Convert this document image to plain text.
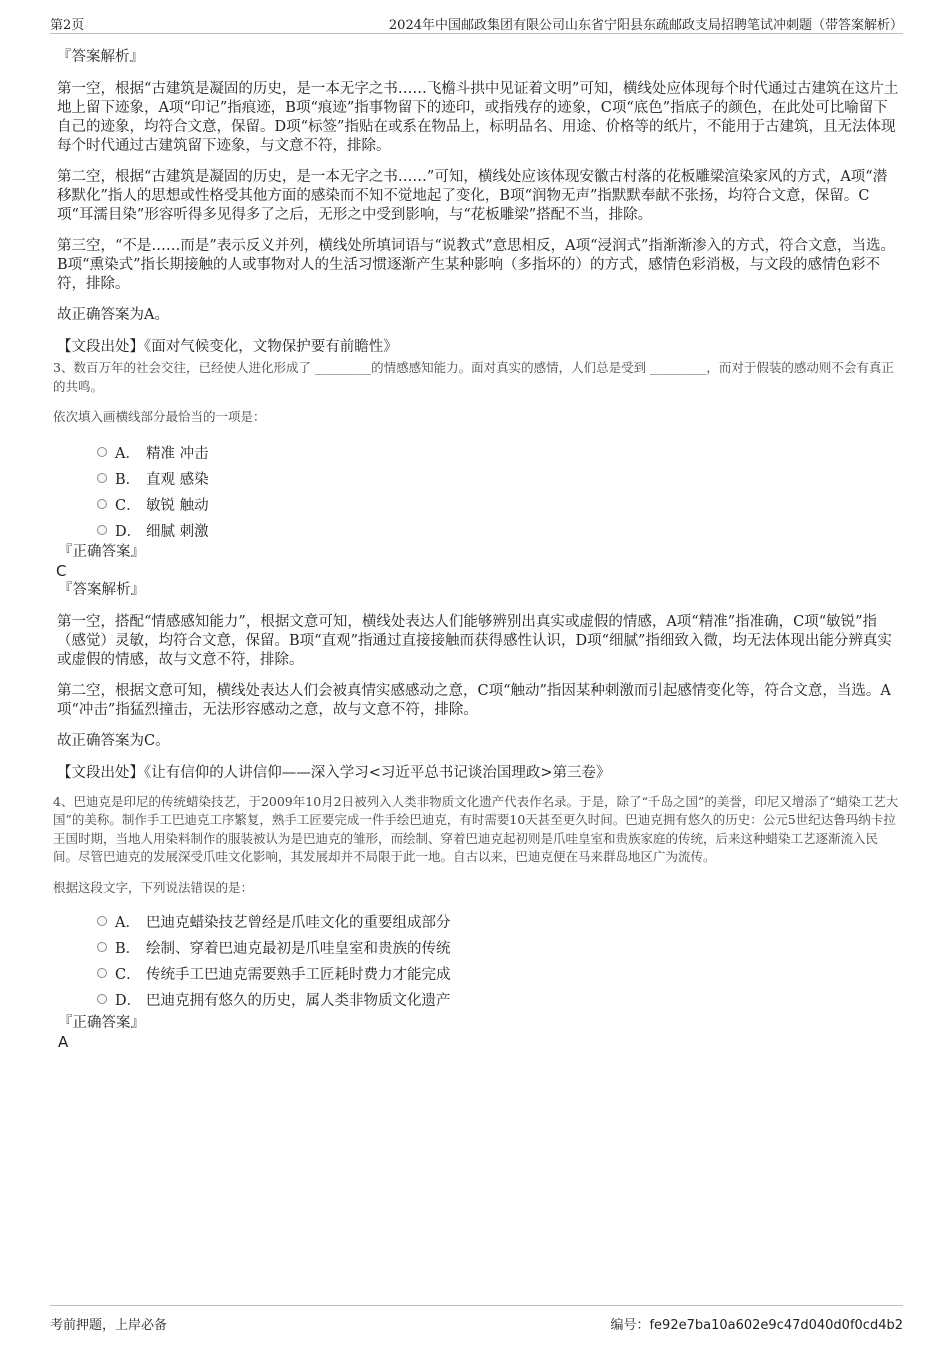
第2页	2024年中国邮政集团有限公司山东省宁阳县东疏邮政支局招聘笔试冲刺题（带答案解析）
『答案解析』

第一空，根据“古建筑是凝固的历史，是一本无字之书……飞檐斗拱中见证着文明”可知，横线处应体现每个时代通过古建筑在这片土地上留下迹象，A项“印记”指痕迹，B项“痕迹”指事物留下的迹印，或指残存的迹象，C项“底色”指底子的颜色，在此处可比喻留下自己的迹象，均符合文意，保留。D项“标签”指贴在或系在物品上，标明品名、用途、价格等的纸片，不能用于古建筑，且无法体现每个时代通过古建筑留下迹象，与文意不符，排除。

第二空，根据“古建筑是凝固的历史，是一本无字之书……”可知，横线处应该体现安徽古村落的花板雕梁渲染家风的方式，A项“潜移默化”指人的思想或性格受其他方面的感染而不知不觉地起了变化，B项“润物无声”指默默奉献不张扬，均符合文意，保留。C项“耳濡目染”形容听得多见得多了之后，无形之中受到影响，与“花板雕梁”搭配不当，排除。

第三空，“不是……而是”表示反义并列，横线处所填词语与“说教式”意思相反，A项“浸润式”指渐渐渗入的方式，符合文意，当选。B项“熏染式”指长期接触的人或事物对人的生活习惯逐渐产生某种影响（多指坏的）的方式，感情色彩消极，与文段的感情色彩不符，排除。

故正确答案为A。

【文段出处】《面对气候变化，文物保护要有前瞻性》
3、数百万年的社会交往，已经使人进化形成了 _________的情感感知能力。面对真实的感情，人们总是受到 _________，而对于假装的感动则不会有真正的共鸣。
依次填入画横线部分最恰当的一项是：
A． 精准 冲击
B． 直观 感染
C． 敏锐 触动
D． 细腻 刺激
『正确答案』
C
『答案解析』

第一空，搭配“情感感知能力”，根据文意可知，横线处表达人们能够辨别出真实或虚假的情感，A项“精准”指准确，C项“敏锐”指（感觉）灵敏，均符合文意，保留。B项“直观”指通过直接接触而获得感性认识，D项“细腻”指细致入微，均无法体现出能分辨真实或虚假的情感，故与文意不符，排除。

第二空，根据文意可知，横线处表达人们会被真情实感感动之意，C项“触动”指因某种刺激而引起感情变化等，符合文意，当选。A项“冲击”指猛烈撞击，无法形容感动之意，故与文意不符，排除。

故正确答案为C。

【文段出处】《让有信仰的人讲信仰——深入学习<习近平总书记谈治国理政>第三卷》
4、巴迪克是印尼的传统蜡染技艺，于2009年10月2日被列入人类非物质文化遗产代表作名录。于是，除了“千岛之国”的美誉，印尼又增添了“蜡染工艺大国”的美称。制作手工巴迪克工序繁复，熟手工匠要完成一件手绘巴迪克，有时需要10天甚至更久时间。巴迪克拥有悠久的历史：公元5世纪达鲁玛纳卡拉王国时期，当地人用染料制作的服装被认为是巴迪克的雏形，而绘制、穿着巴迪克起初则是爪哇皇室和贵族家庭的传统，后来这种蜡染工艺逐渐流入民间。尽管巴迪克的发展深受爪哇文化影响，其发展却并不局限于此一地。自古以来，巴迪克便在马来群岛地区广为流传。
根据这段文字，下列说法错误的是：
A． 巴迪克蜡染技艺曾经是爪哇文化的重要组成部分
B． 绘制、穿着巴迪克最初是爪哇皇室和贵族的传统
C． 传统手工巴迪克需要熟手工匠耗时费力才能完成
D． 巴迪克拥有悠久的历史，属人类非物质文化遗产
『正确答案』
A
考前押题，上岸必备	编号：fe92e7ba10a602e9c47d040d0f0cd4b2
